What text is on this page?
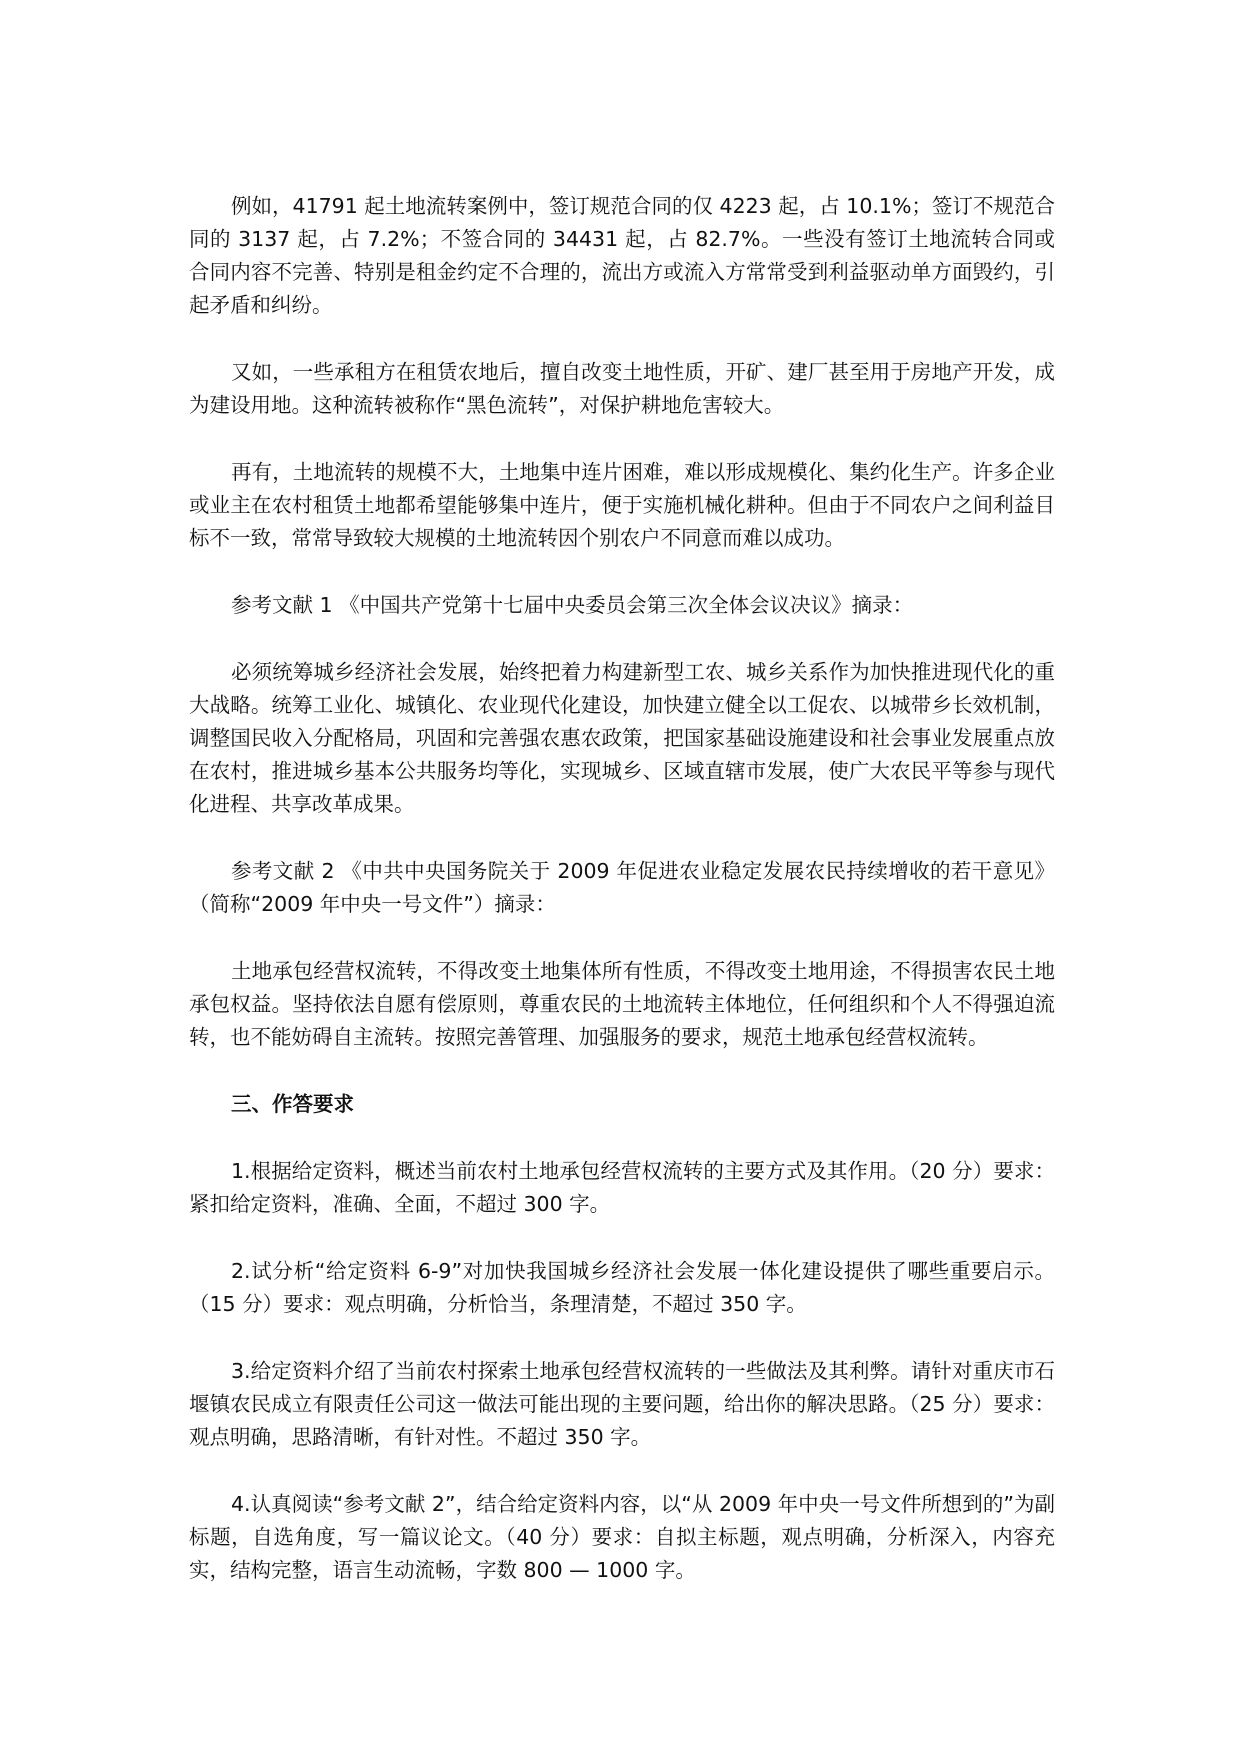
例如，41791 起土地流转案例中，签订规范合同的仅 4223 起，占 10.1%；签订不规范合同的 3137 起，占 7.2%；不签合同的 34431 起，占 82.7%。一些没有签订土地流转合同或合同内容不完善、特别是租金约定不合理的，流出方或流入方常常受到利益驱动单方面毁约，引起矛盾和纠纷。

又如，一些承租方在租赁农地后，擅自改变土地性质，开矿、建厂甚至用于房地产开发，成为建设用地。这种流转被称作“黑色流转”，对保护耕地危害较大。

再有，土地流转的规模不大，土地集中连片困难，难以形成规模化、集约化生产。许多企业或业主在农村租赁土地都希望能够集中连片，便于实施机械化耕种。但由于不同农户之间利益目标不一致，常常导致较大规模的土地流转因个别农户不同意而难以成功。

参考文献 1 《中国共产党第十七届中央委员会第三次全体会议决议》摘录：

必须统筹城乡经济社会发展，始终把着力构建新型工农、城乡关系作为加快推进现代化的重大战略。统筹工业化、城镇化、农业现代化建设，加快建立健全以工促农、以城带乡长效机制，调整国民收入分配格局，巩固和完善强农惠农政策，把国家基础设施建设和社会事业发展重点放在农村，推进城乡基本公共服务均等化，实现城乡、区域直辖市发展，使广大农民平等参与现代化进程、共享改革成果。

参考文献 2 《中共中央国务院关于 2009 年促进农业稳定发展农民持续增收的若干意见》（简称“2009 年中央一号文件”）摘录：

土地承包经营权流转，不得改变土地集体所有性质，不得改变土地用途，不得损害农民土地承包权益。坚持依法自愿有偿原则，尊重农民的土地流转主体地位，任何组织和个人不得强迫流转，也不能妨碍自主流转。按照完善管理、加强服务的要求，规范土地承包经营权流转。

三、作答要求

1.根据给定资料，概述当前农村土地承包经营权流转的主要方式及其作用。（20 分）要求：紧扣给定资料，准确、全面，不超过 300 字。

2.试分析“给定资料 6-9”对加快我国城乡经济社会发展一体化建设提供了哪些重要启示。（15 分）要求：观点明确，分析恰当，条理清楚，不超过 350 字。

3.给定资料介绍了当前农村探索土地承包经营权流转的一些做法及其利弊。请针对重庆市石堰镇农民成立有限责任公司这一做法可能出现的主要问题，给出你的解决思路。（25 分）要求：观点明确，思路清晰，有针对性。不超过 350 字。

4.认真阅读“参考文献 2”，结合给定资料内容，以“从 2009 年中央一号文件所想到的”为副标题，自选角度，写一篇议论文。（40 分）要求：自拟主标题，观点明确，分析深入，内容充实，结构完整，语言生动流畅，字数 800 — 1000 字。
